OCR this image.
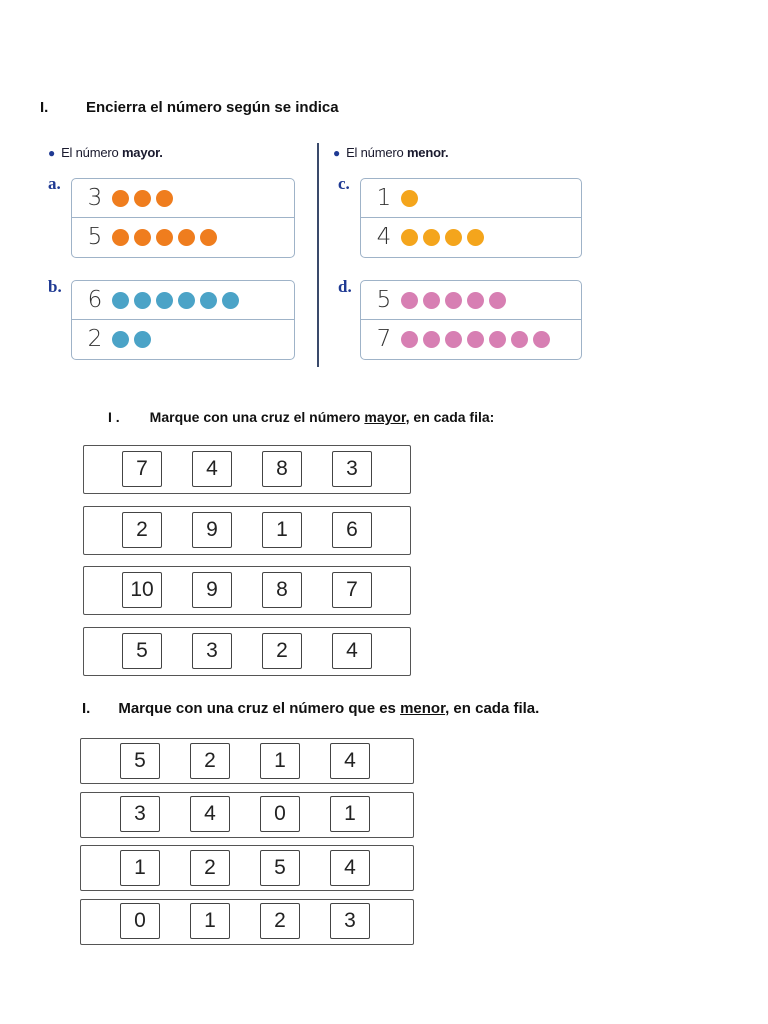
I.	Encierra el número según se indica
● El número mayor.	● El número menor.
a.
3
5
b.
6
2
c.
1
4
d.
5
7
I . Marque con una cruz el número mayor, en cada fila:
7	4	8	3
2	9	1	6
10	9	8	7
5	3	2	4
I. Marque con una cruz el número que es menor, en cada fila.
5	2	1	4
3	4	0	1
1	2	5	4
0	1	2	3
